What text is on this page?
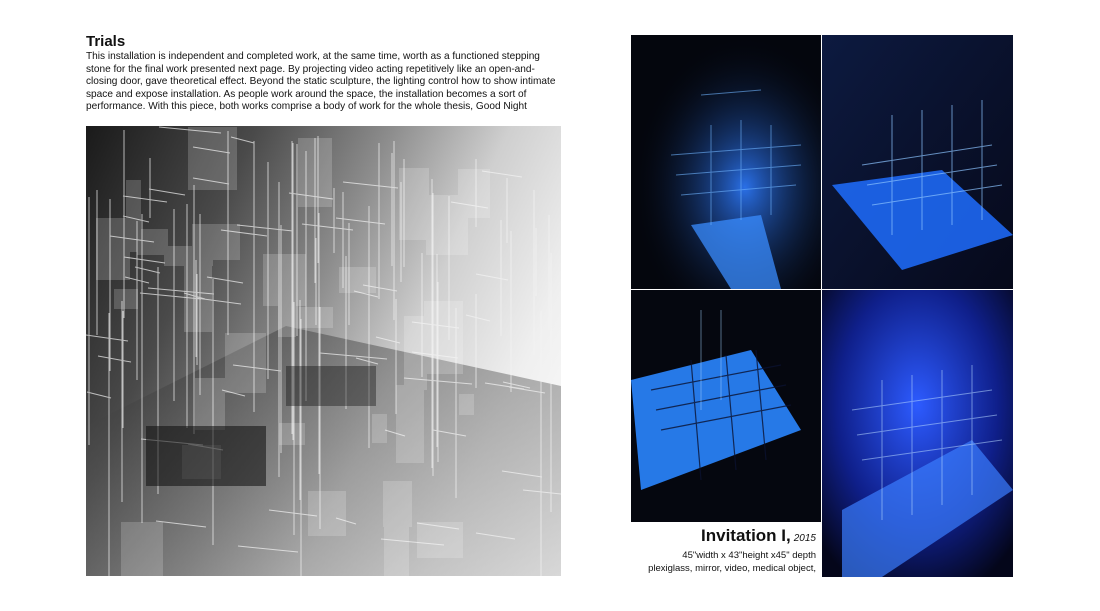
Trials

This installation is independent and completed work, at the same time, worth as a functioned stepping stone for the final work presented next page. By projecting video acting repetitively like an open-and-closing door, gave theoretical effect. Beyond the static sculpture, the lighting control how to show intimate space and expose installation. As people work around the space, the installation becomes a sort of performance. With this piece, both works comprise a body of work for the whole thesis, Good Night

Invitation I, 2015
45"width x 43"height x45" depth
plexiglass, mirror, video, medical object,
